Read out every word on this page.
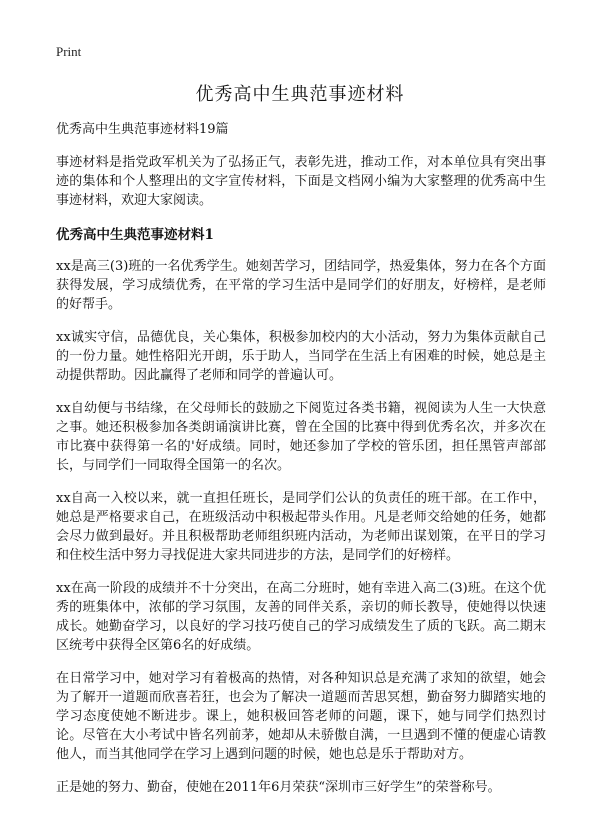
Print
优秀高中生典范事迹材料

优秀高中生典范事迹材料19篇

事迹材料是指党政军机关为了弘扬正气，表彰先进，推动工作，对本单位具有突出事迹的集体和个人整理出的文字宣传材料，下面是文档网小编为大家整理的优秀高中生事迹材料，欢迎大家阅读。

优秀高中生典范事迹材料1

xx是高三(3)班的一名优秀学生。她刻苦学习，团结同学，热爱集体，努力在各个方面获得发展，学习成绩优秀，在平常的学习生活中是同学们的好朋友，好榜样，是老师的好帮手。

xx诚实守信，品德优良，关心集体，积极参加校内的大小活动，努力为集体贡献自己的一份力量。她性格阳光开朗，乐于助人，当同学在生活上有困难的时候，她总是主动提供帮助。因此赢得了老师和同学的普遍认可。

xx自幼便与书结缘，在父母师长的鼓励之下阅览过各类书籍，视阅读为人生一大快意之事。她还积极参加各类朗诵演讲比赛，曾在全国的比赛中得到优秀名次，并多次在市比赛中获得第一名的'好成绩。同时，她还参加了学校的管乐团，担任黑管声部部长，与同学们一同取得全国第一的名次。

xx自高一入校以来，就一直担任班长，是同学们公认的负责任的班干部。在工作中，她总是严格要求自己，在班级活动中积极起带头作用。凡是老师交给她的任务，她都会尽力做到最好。并且积极帮助老师组织班内活动，为老师出谋划策，在平日的学习和住校生活中努力寻找促进大家共同进步的方法，是同学们的好榜样。

xx在高一阶段的成绩并不十分突出，在高二分班时，她有幸进入高二(3)班。在这个优秀的班集体中，浓郁的学习氛围，友善的同伴关系，亲切的师长教导，使她得以快速成长。她勤奋学习，以良好的学习技巧使自己的学习成绩发生了质的飞跃。高二期末区统考中获得全区第6名的好成绩。

在日常学习中，她对学习有着极高的热情，对各种知识总是充满了求知的欲望，她会为了解开一道题而欣喜若狂，也会为了解决一道题而苦思冥想，勤奋努力脚踏实地的学习态度使她不断进步。课上，她积极回答老师的问题，课下，她与同学们热烈讨论。尽管在大小考试中皆名列前茅，她却从未骄傲自满，一旦遇到不懂的便虚心请教他人，而当其他同学在学习上遇到问题的时候，她也总是乐于帮助对方。

正是她的努力、勤奋，使她在2011年6月荣获“深圳市三好学生”的荣誉称号。
